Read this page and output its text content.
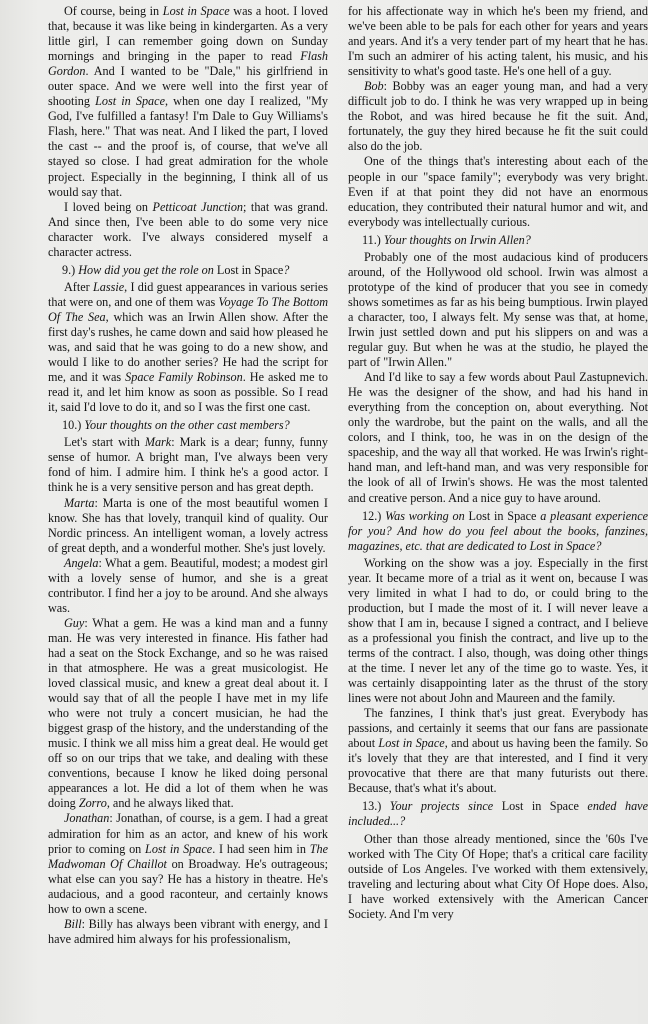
Of course, being in Lost in Space was a hoot. I loved that, because it was like being in kindergarten. As a very little girl, I can remember going down on Sunday mornings and bringing in the paper to read Flash Gordon. And I wanted to be "Dale," his girlfriend in outer space. And we were well into the first year of shooting Lost in Space, when one day I realized, "My God, I've fulfilled a fantasy! I'm Dale to Guy Williams's Flash, here." That was neat. And I liked the part, I loved the cast -- and the proof is, of course, that we've all stayed so close. I had great admiration for the whole project. Especially in the beginning, I think all of us would say that.

I loved being on Petticoat Junction; that was grand. And since then, I've been able to do some very nice character work. I've always considered myself a character actress.

9.) How did you get the role on Lost in Space?

After Lassie, I did guest appearances in various series that were on, and one of them was Voyage To The Bottom Of The Sea, which was an Irwin Allen show. After the first day's rushes, he came down and said how pleased he was, and said that he was going to do a new show, and would I like to do another series? He had the script for me, and it was Space Family Robinson. He asked me to read it, and let him know as soon as possible. So I read it, said I'd love to do it, and so I was the first one cast.

10.) Your thoughts on the other cast members?

Let's start with Mark: Mark is a dear; funny, funny sense of humor. A bright man, I've always been very fond of him. I admire him. I think he's a good actor. I think he is a very sensitive person and has great depth.

Marta: Marta is one of the most beautiful women I know. She has that lovely, tranquil kind of quality. Our Nordic princess. An intelligent woman, a lovely actress of great depth, and a wonderful mother. She's just lovely.

Angela: What a gem. Beautiful, modest; a modest girl with a lovely sense of humor, and she is a great contributor. I find her a joy to be around. And she always was.

Guy: What a gem. He was a kind man and a funny man. He was very interested in finance. His father had had a seat on the Stock Exchange, and so he was raised in that atmosphere. He was a great musicologist. He loved classical music, and knew a great deal about it. I would say that of all the people I have met in my life who were not truly a concert musician, he had the biggest grasp of the history, and the understanding of the music. I think we all miss him a great deal. He would get off so on our trips that we take, and dealing with these conventions, because I know he liked doing personal appearances a lot. He did a lot of them when he was doing Zorro, and he always liked that.

Jonathan: Jonathan, of course, is a gem. I had a great admiration for him as an actor, and knew of his work prior to coming on Lost in Space. I had seen him in The Madwoman Of Chaillot on Broadway. He's outrageous; what else can you say? He has a history in theatre. He's audacious, and a good raconteur, and certainly knows how to own a scene.

Bill: Billy has always been vibrant with energy, and I have admired him always for his professionalism,

for his affectionate way in which he's been my friend, and we've been able to be pals for each other for years and years and years. And it's a very tender part of my heart that he has. I'm such an admirer of his acting talent, his music, and his sensitivity to what's good taste. He's one hell of a guy.

Bob: Bobby was an eager young man, and had a very difficult job to do. I think he was very wrapped up in being the Robot, and was hired because he fit the suit. And, fortunately, the guy they hired because he fit the suit could also do the job.

One of the things that's interesting about each of the people in our "space family"; everybody was very bright. Even if at that point they did not have an enormous education, they contributed their natural humor and wit, and everybody was intellectually curious.

11.) Your thoughts on Irwin Allen?

Probably one of the most audacious kind of producers around, of the Hollywood old school. Irwin was almost a prototype of the kind of producer that you see in comedy shows sometimes as far as his being bumptious. Irwin played a character, too, I always felt. My sense was that, at home, Irwin just settled down and put his slippers on and was a regular guy. But when he was at the studio, he played the part of "Irwin Allen."

And I'd like to say a few words about Paul Zastupnevich. He was the designer of the show, and had his hand in everything from the conception on, about everything. Not only the wardrobe, but the paint on the walls, and all the colors, and I think, too, he was in on the design of the spaceship, and the way all that worked. He was Irwin's right-hand man, and left-hand man, and was very responsible for the look of all of Irwin's shows. He was the most talented and creative person. And a nice guy to have around.

12.) Was working on Lost in Space a pleasant experience for you? And how do you feel about the books, fanzines, magazines, etc. that are dedicated to Lost in Space?

Working on the show was a joy. Especially in the first year. It became more of a trial as it went on, because I was very limited in what I had to do, or could bring to the production, but I made the most of it. I will never leave a show that I am in, because I signed a contract, and I believe as a professional you finish the contract, and live up to the terms of the contract. I also, though, was doing other things at the time. I never let any of the time go to waste. Yes, it was certainly disappointing later as the thrust of the story lines were not about John and Maureen and the family.

The fanzines, I think that's just great. Everybody has passions, and certainly it seems that our fans are passionate about Lost in Space, and about us having been the family. So it's lovely that they are that interested, and I find it very provocative that there are that many futurists out there. Because, that's what it's about.

13.) Your projects since Lost in Space ended have included...?

Other than those already mentioned, since the '60s I've worked with The City Of Hope; that's a critical care facility outside of Los Angeles. I've worked with them extensively, traveling and lecturing about what City Of Hope does. Also, I have worked extensively with the American Cancer Society. And I'm very
